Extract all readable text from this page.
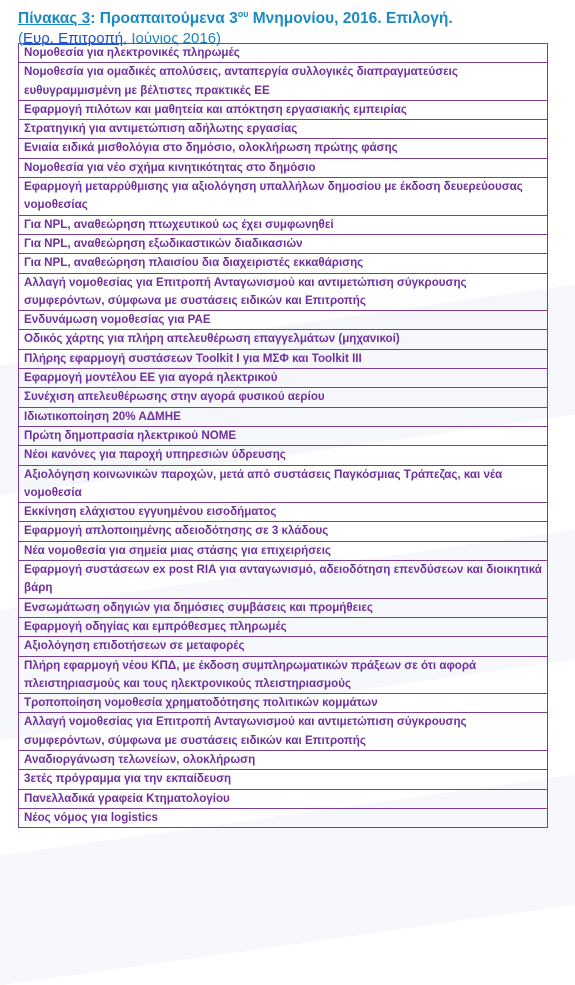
Πίνακας 3: Προαπαιτούμενα $3^{o\upsilon}$ Μνημονίου, 2016. Επιλογή.
(Ευρ. Επιτροπή, Ιούνιος 2016)
Νομοθεσία για ηλεκτρονικές πληρωμές
Νομοθεσία για ομαδικές απολύσεις, ανταπεργία συλλογικές διαπραγματεύσεις ευθυγραμμισμένη με βέλτιστες πρακτικές ΕΕ
Εφαρμογή πιλότων και μαθητεία και απόκτηση εργασιακής εμπειρίας
Στρατηγική για αντιμετώπιση αδήλωτης εργασίας
Ενιαία ειδικά μισθολόγια στο δημόσιο, ολοκλήρωση πρώτης φάσης
Νομοθεσία για νέο σχήμα κινητικότητας στο δημόσιο
Εφαρμογή μεταρρύθμισης για αξιολόγηση υπαλλήλων δημοσίου με έκδοση δευερεύουσας νομοθεσίας
Για NPL, αναθεώρηση πτωχευτικού ως έχει συμφωνηθεί
Για NPL, αναθεώρηση εξωδικαστικών διαδικασιών
Για NPL, αναθεώρηση πλαισίου δια διαχειριστές εκκαθάρισης
Αλλαγή νομοθεσίας για Επιτροπή Ανταγωνισμού και αντιμετώπιση σύγκρουσης συμφερόντων, σύμφωνα με συστάσεις ειδικών και Επιτροπής
Ενδυνάμωση νομοθεσίας για ΡΑΕ
Οδικός χάρτης για πλήρη απελευθέρωση επαγγελμάτων (μηχανικοί)
Πλήρης εφαρμογή συστάσεων Toolkit I για ΜΣΦ και Toolkit III
Εφαρμογή μοντέλου ΕΕ για αγορά ηλεκτρικού
Συνέχιση απελευθέρωσης στην αγορά φυσικού αερίου
Ιδιωτικοποίηση 20% ΑΔΜΗΕ
Πρώτη δημοπρασία ηλεκτρικού ΝΟΜΕ
Νέοι κανόνες για παροχή υπηρεσιών ύδρευσης
Αξιολόγηση κοινωνικών παροχών, μετά από συστάσεις Παγκόσμιας Τράπεζας, και νέα νομοθεσία
Εκκίνηση ελάχιστου εγγυημένου εισοδήματος
Εφαρμογή απλοποιημένης αδειοδότησης σε 3 κλάδους
Νέα νομοθεσία για σημεία μιας στάσης για επιχειρήσεις
Εφαρμογή συστάσεων ex post RIA για ανταγωνισμό, αδειοδότηση επενδύσεων και διοικητικά βάρη
Ενσωμάτωση οδηγιών για δημόσιες συμβάσεις και προμήθειες
Εφαρμογή οδηγίας και εμπρόθεσμες πληρωμές
Αξιολόγηση επιδοτήσεων σε μεταφορές
Πλήρη εφαρμογή νέου ΚΠΔ, με έκδοση συμπληρωματικών πράξεων σε ότι αφορά πλειστηριασμούς και τους ηλεκτρονικούς πλειστηριασμούς
Τροποποίηση νομοθεσία χρηματοδότησης πολιτικών κομμάτων
Αλλαγή νομοθεσίας για Επιτροπή Ανταγωνισμού και αντιμετώπιση σύγκρουσης συμφερόντων, σύμφωνα με συστάσεις ειδικών και Επιτροπής
Αναδιοργάνωση τελωνείων, ολοκλήρωση
3ετές πρόγραμμα για την εκπαίδευση
Πανελλαδικά γραφεία Κτηματολογίου
Νέος νόμος για logistics
